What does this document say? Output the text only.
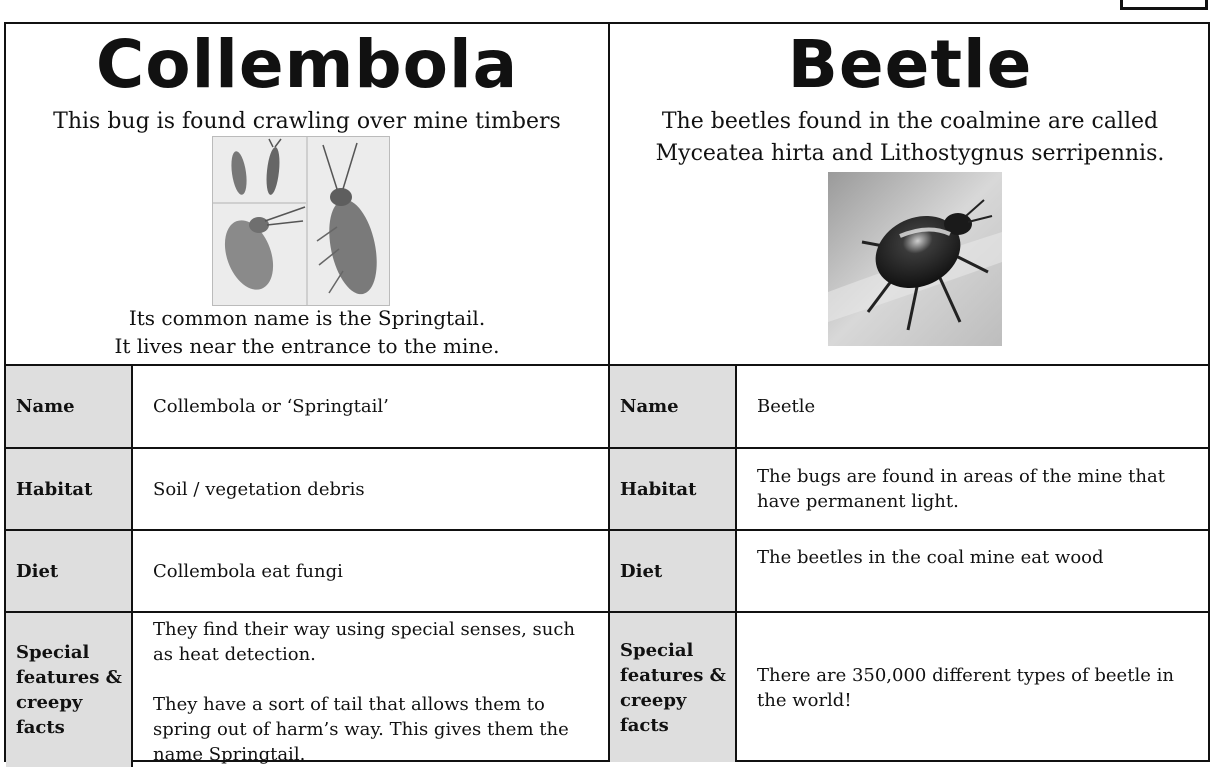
Collembola
This bug is found crawling over mine timbers
Its common name is the Springtail.
It lives near the entrance to the mine.
Name	Collembola or ‘Springtail’
Habitat	Soil / vegetation debris
Diet	Collembola eat fungi

Special
features &
creepy facts	They find their way using special senses, such as heat detection.
They have a sort of tail that allows them to spring out of harm’s way. This gives them the name Springtail.
Beetle
The beetles found in the coalmine are called
Myceatea hirta and Lithostygnus serripennis.
Name	Beetle
Habitat	The bugs are found in areas of the mine that have permanent light.
Diet	The beetles in the coal mine eat wood

Special
features &
creepy facts	There are 350,000 different types of beetle in the world!
